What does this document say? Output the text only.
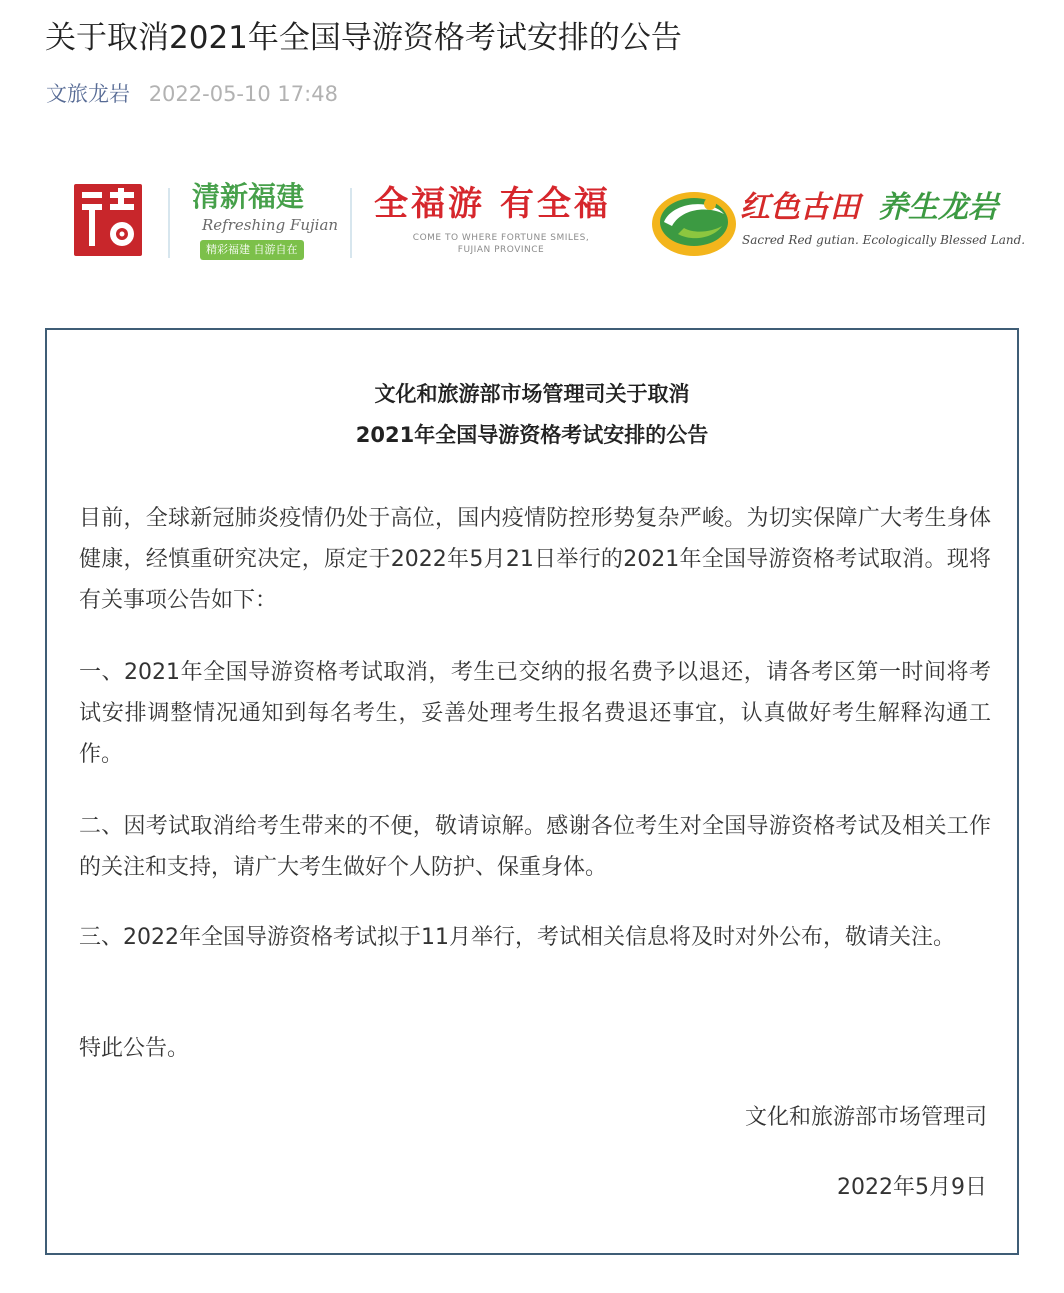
关于取消2021年全国导游资格考试安排的公告
文旅龙岩 2022-05-10 17:48
清新福建
Refreshing Fujian
精彩福建 自游自在
全福游 有全福
COME TO WHERE FORTUNE SMILES, FUJIAN PROVINCE
红色古田 养生龙岩
Sacred Red gutian. Ecologically Blessed Land.
文化和旅游部市场管理司关于取消
2021年全国导游资格考试安排的公告
目前，全球新冠肺炎疫情仍处于高位，国内疫情防控形势复杂严峻。为切实保障广大考生身体健康，经慎重研究决定，原定于2022年5月21日举行的2021年全国导游资格考试取消。现将有关事项公告如下：
一、2021年全国导游资格考试取消，考生已交纳的报名费予以退还，请各考区第一时间将考试安排调整情况通知到每名考生，妥善处理考生报名费退还事宜，认真做好考生解释沟通工作。
二、因考试取消给考生带来的不便，敬请谅解。感谢各位考生对全国导游资格考试及相关工作的关注和支持，请广大考生做好个人防护、保重身体。
三、2022年全国导游资格考试拟于11月举行，考试相关信息将及时对外公布，敬请关注。
特此公告。
文化和旅游部市场管理司
2022年5月9日
